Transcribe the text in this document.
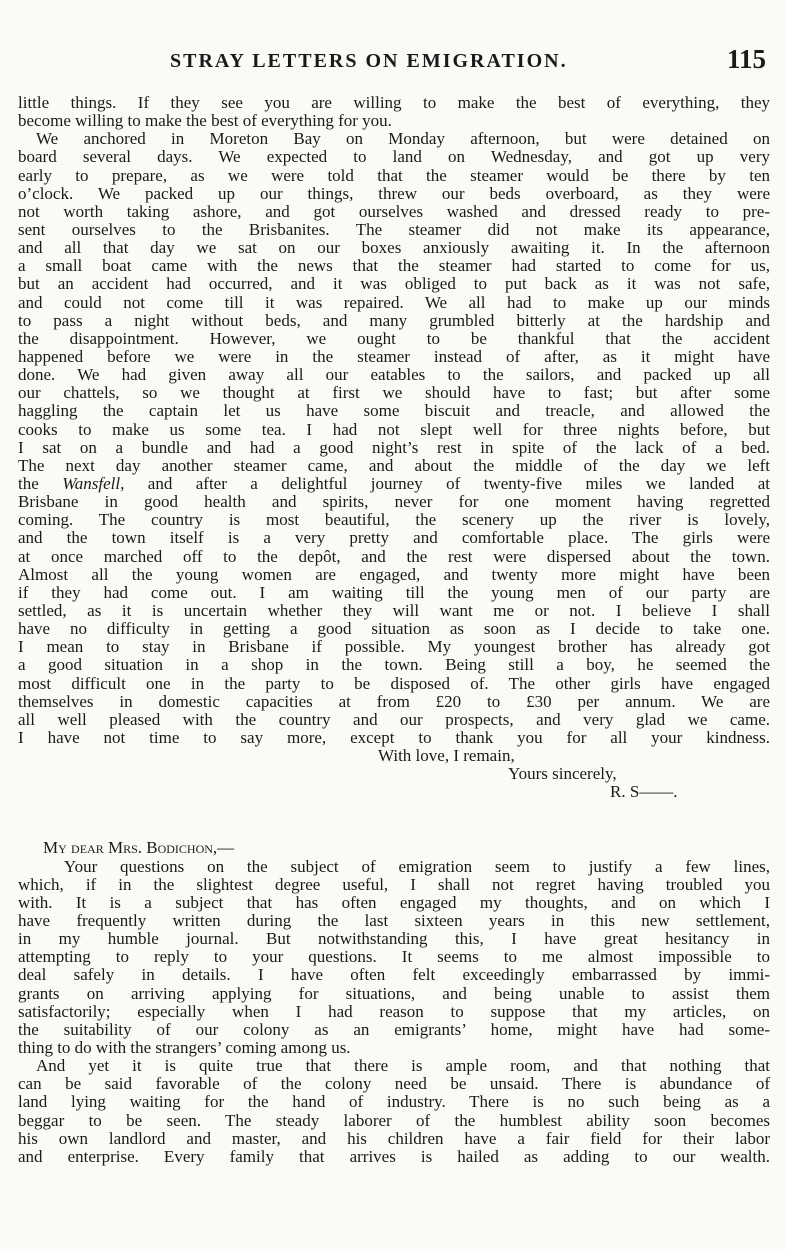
STRAY LETTERS ON EMIGRATION.	115
little things. If they see you are willing to make the best of everything, they
become willing to make the best of everything for you.
We anchored in Moreton Bay on Monday afternoon, but were detained on
board several days. We expected to land on Wednesday, and got up very
early to prepare, as we were told that the steamer would be there by ten
o’clock. We packed up our things, threw our beds overboard, as they were
not worth taking ashore, and got ourselves washed and dressed ready to pre-
sent ourselves to the Brisbanites. The steamer did not make its appearance,
and all that day we sat on our boxes anxiously awaiting it. In the afternoon
a small boat came with the news that the steamer had started to come for us,
but an accident had occurred, and it was obliged to put back as it was not safe,
and could not come till it was repaired. We all had to make up our minds
to pass a night without beds, and many grumbled bitterly at the hardship and
the disappointment. However, we ought to be thankful that the accident
happened before we were in the steamer instead of after, as it might have
done. We had given away all our eatables to the sailors, and packed up all
our chattels, so we thought at first we should have to fast; but after some
haggling the captain let us have some biscuit and treacle, and allowed the
cooks to make us some tea. I had not slept well for three nights before, but
I sat on a bundle and had a good night’s rest in spite of the lack of a bed.
The next day another steamer came, and about the middle of the day we left
the Wansfell, and after a delightful journey of twenty-five miles we landed at
Brisbane in good health and spirits, never for one moment having regretted
coming. The country is most beautiful, the scenery up the river is lovely,
and the town itself is a very pretty and comfortable place. The girls were
at once marched off to the depôt, and the rest were dispersed about the town.
Almost all the young women are engaged, and twenty more might have been
if they had come out. I am waiting till the young men of our party are
settled, as it is uncertain whether they will want me or not. I believe I shall
have no difficulty in getting a good situation as soon as I decide to take one.
I mean to stay in Brisbane if possible. My youngest brother has already got
a good situation in a shop in the town. Being still a boy, he seemed the
most difficult one in the party to be disposed of. The other girls have engaged
themselves in domestic capacities at from £20 to £30 per annum. We are
all well pleased with the country and our prospects, and very glad we came.
I have not time to say more, except to thank you for all your kindness.
With love, I remain,
Yours sincerely,
R. S——.
My dear Mrs. Bodichon,—
Your questions on the subject of emigration seem to justify a few lines,
which, if in the slightest degree useful, I shall not regret having troubled you
with. It is a subject that has often engaged my thoughts, and on which I
have frequently written during the last sixteen years in this new settlement,
in my humble journal. But notwithstanding this, I have great hesitancy in
attempting to reply to your questions. It seems to me almost impossible to
deal safely in details. I have often felt exceedingly embarrassed by immi-
grants on arriving applying for situations, and being unable to assist them
satisfactorily; especially when I had reason to suppose that my articles, on
the suitability of our colony as an emigrants’ home, might have had some-
thing to do with the strangers’ coming among us.
And yet it is quite true that there is ample room, and that nothing that
can be said favorable of the colony need be unsaid. There is abundance of
land lying waiting for the hand of industry. There is no such being as a
beggar to be seen. The steady laborer of the humblest ability soon becomes
his own landlord and master, and his children have a fair field for their labor
and enterprise. Every family that arrives is hailed as adding to our wealth.
